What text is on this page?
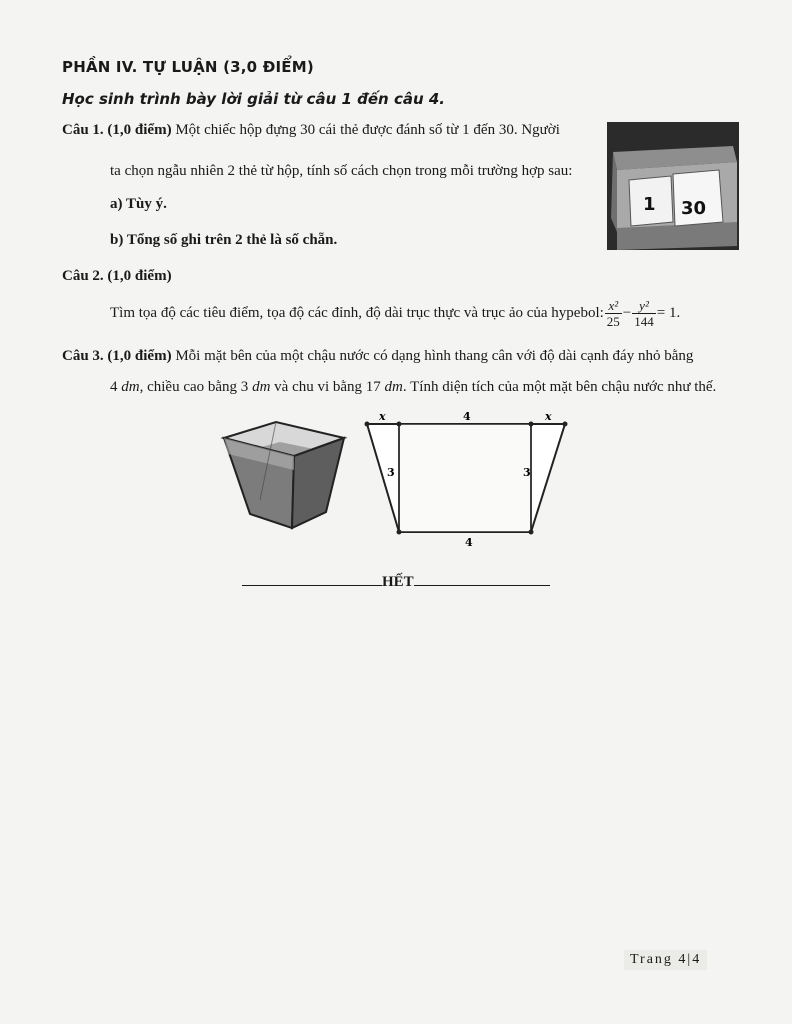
PHẦN IV. TỰ LUẬN (3,0 ĐIỂM)
Học sinh trình bày lời giải từ câu 1 đến câu 4.
Câu 1. (1,0 điểm) Một chiếc hộp đựng 30 cái thẻ được đánh số từ 1 đến 30. Người
ta chọn ngẫu nhiên 2 thẻ từ hộp, tính số cách chọn trong mỗi trường hợp sau:
a) Tùy ý.
b) Tổng số ghi trên 2 thẻ là số chẵn.
1 30
Câu 2. (1,0 điểm)
Tìm tọa độ các tiêu điểm, tọa độ các đỉnh, độ dài trục thực và trục ảo của hypebol: $\frac{\text{x²}}{25} - \frac{\text{y²}}{144} = 1$.
Câu 3. (1,0 điểm) Mỗi mặt bên của một chậu nước có dạng hình thang cân với độ dài cạnh đáy nhỏ bằng
4 dm, chiều cao bằng 3 dm và chu vi bằng 17 dm. Tính diện tích của một mặt bên chậu nước như thế.
x	4	x
3	3
4
HẾT
Trang 4|4
